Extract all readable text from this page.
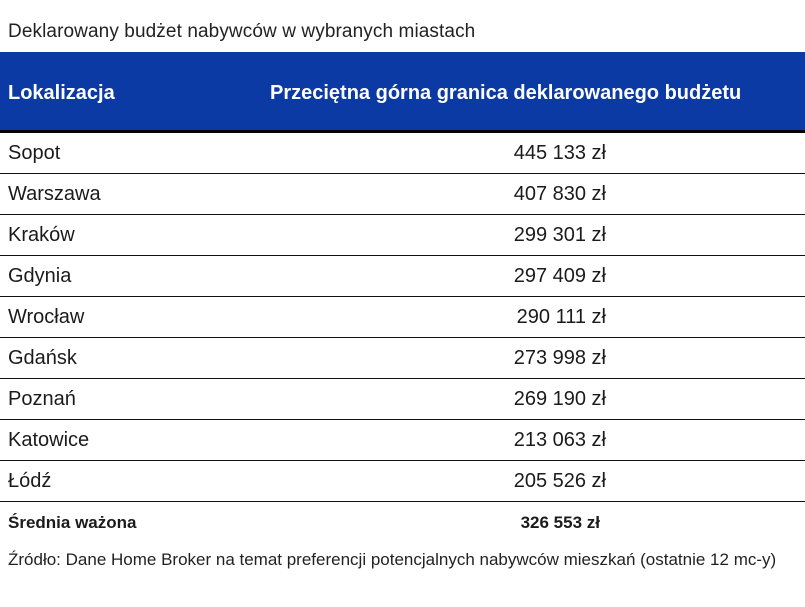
Deklarowany budżet nabywców w wybranych miastach
Lokalizacja	Przeciętna górna granica deklarowanego budżetu
Sopot	445 133 zł
Warszawa	407 830 zł
Kraków	299 301 zł
Gdynia	297 409 zł
Wrocław	290 111 zł
Gdańsk	273 998 zł
Poznań	269 190 zł
Katowice	213 063 zł
Łódź	205 526 zł
Średnia ważona	326 553 zł
Źródło: Dane Home Broker na temat preferencji potencjalnych nabywców mieszkań (ostatnie 12 mc-y)
